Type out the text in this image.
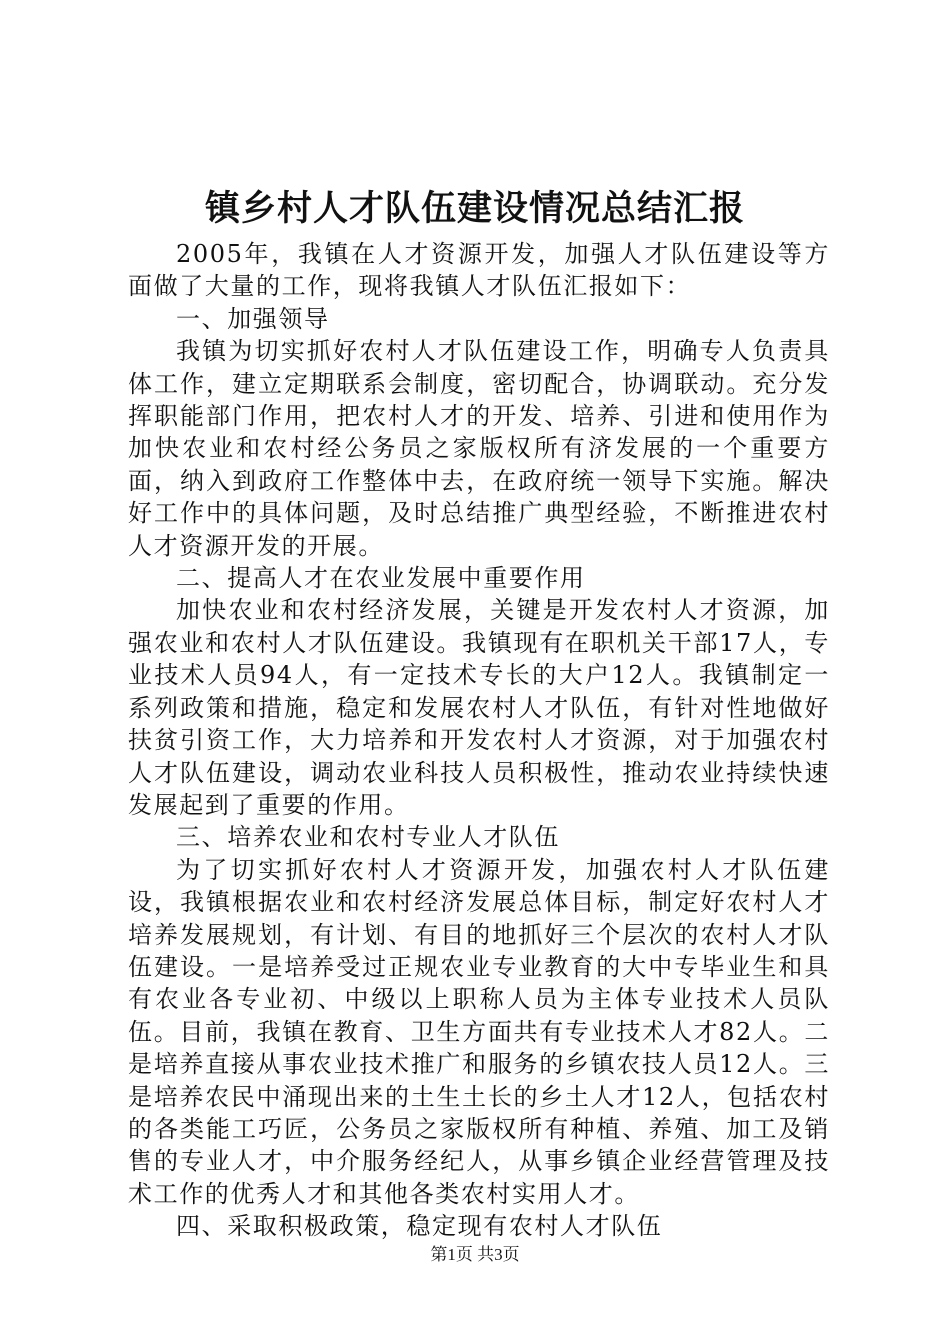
镇乡村人才队伍建设情况总结汇报

2005年，我镇在人才资源开发，加强人才队伍建设等方面做了大量的工作，现将我镇人才队伍汇报如下：

一、加强领导

我镇为切实抓好农村人才队伍建设工作，明确专人负责具体工作，建立定期联系会制度，密切配合，协调联动。充分发挥职能部门作用，把农村人才的开发、培养、引进和使用作为加快农业和农村经公务员之家版权所有济发展的一个重要方面，纳入到政府工作整体中去，在政府统一领导下实施。解决好工作中的具体问题，及时总结推广典型经验，不断推进农村人才资源开发的开展。

二、提高人才在农业发展中重要作用

加快农业和农村经济发展，关键是开发农村人才资源，加强农业和农村人才队伍建设。我镇现有在职机关干部17人，专业技术人员94人，有一定技术专长的大户12人。我镇制定一系列政策和措施，稳定和发展农村人才队伍，有针对性地做好扶贫引资工作，大力培养和开发农村人才资源，对于加强农村人才队伍建设，调动农业科技人员积极性，推动农业持续快速发展起到了重要的作用。

三、培养农业和农村专业人才队伍

为了切实抓好农村人才资源开发，加强农村人才队伍建设，我镇根据农业和农村经济发展总体目标，制定好农村人才培养发展规划，有计划、有目的地抓好三个层次的农村人才队伍建设。一是培养受过正规农业专业教育的大中专毕业生和具有农业各专业初、中级以上职称人员为主体专业技术人员队伍。目前，我镇在教育、卫生方面共有专业技术人才82人。二是培养直接从事农业技术推广和服务的乡镇农技人员12人。三是培养农民中涌现出来的土生土长的乡土人才12人，包括农村的各类能工巧匠，公务员之家版权所有种植、养殖、加工及销售的专业人才，中介服务经纪人，从事乡镇企业经营管理及技术工作的优秀人才和其他各类农村实用人才。

四、采取积极政策，稳定现有农村人才队伍

第1页 共3页
